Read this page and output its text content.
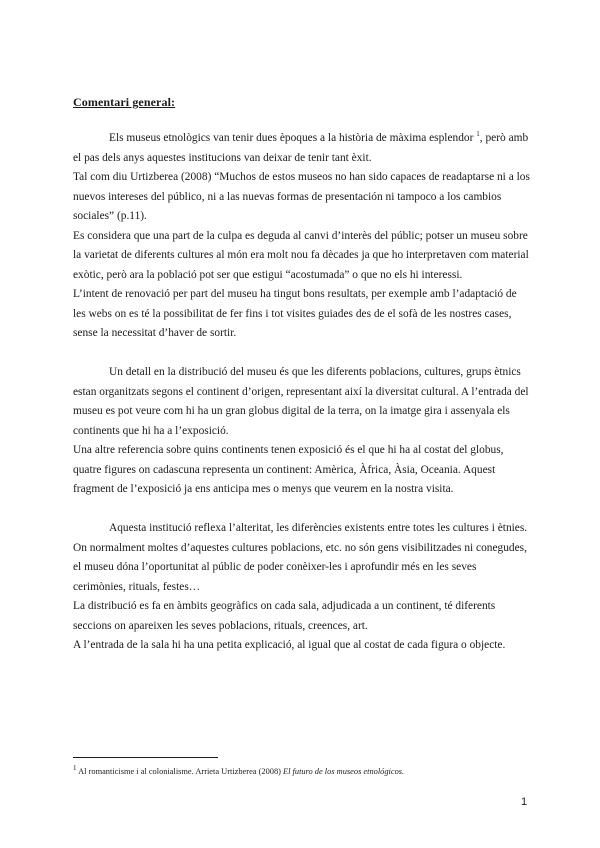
Comentari general:

Els museus etnològics van tenir dues èpoques a la història de màxima esplendor $^1$, però amb el pas dels anys aquestes institucions van deixar de tenir tant èxit.

Tal com diu Urtizberea (2008) “Muchos de estos museos no han sido capaces de readaptarse ni a los nuevos intereses del público, ni a las nuevas formas de presentación ni tampoco a los cambios sociales” (p.11).

Es considera que una part de la culpa es deguda al canvi d’interès del públic; potser un museu sobre la varietat de diferents cultures al món era molt nou fa dècades ja que ho interpretaven com material exòtic, però ara la població pot ser que estigui “acostumada” o que no els hi interessi.

L’intent de renovació per part del museu ha tingut bons resultats, per exemple amb l’adaptació de les webs on es té la possibilitat de fer fins i tot visites guiades des de el sofà de les nostres cases, sense la necessitat d’haver de sortir.

Un detall en la distribució del museu és que les diferents poblacions, cultures, grups ètnics estan organitzats segons el continent d’origen, representant així la diversitat cultural. A l’entrada del museu es pot veure com hi ha un gran globus digital de la terra, on la imatge gira i assenyala els continents que hi ha a l’exposició.

Una altre referencia sobre quins continents tenen exposició és el que hi ha al costat del globus, quatre figures on cadascuna representa un continent: Amèrica, Àfrica, Àsia, Oceania. Aquest fragment de l’exposició ja ens anticipa mes o menys que veurem en la nostra visita.

Aquesta institució reflexa l’alteritat, les diferències existents entre totes les cultures i ètnies. On normalment moltes d’aquestes cultures poblacions, etc. no són gens visibilitzades ni conegudes, el museu dóna l’oportunitat al públic de poder conèixer-les i aprofundir més en les seves cerimònies, rituals, festes…

La distribució es fa en àmbits geogràfics on cada sala, adjudicada a un continent, té diferents seccions on apareixen les seves poblacions, rituals, creences, art.

A l’entrada de la sala hi ha una petita explicació, al igual que al costat de cada figura o objecte.

$^1$ Al romanticisme i al colonialisme. Arrieta Urtizberea (2008) El futuro de los museos etnológicos.
1
